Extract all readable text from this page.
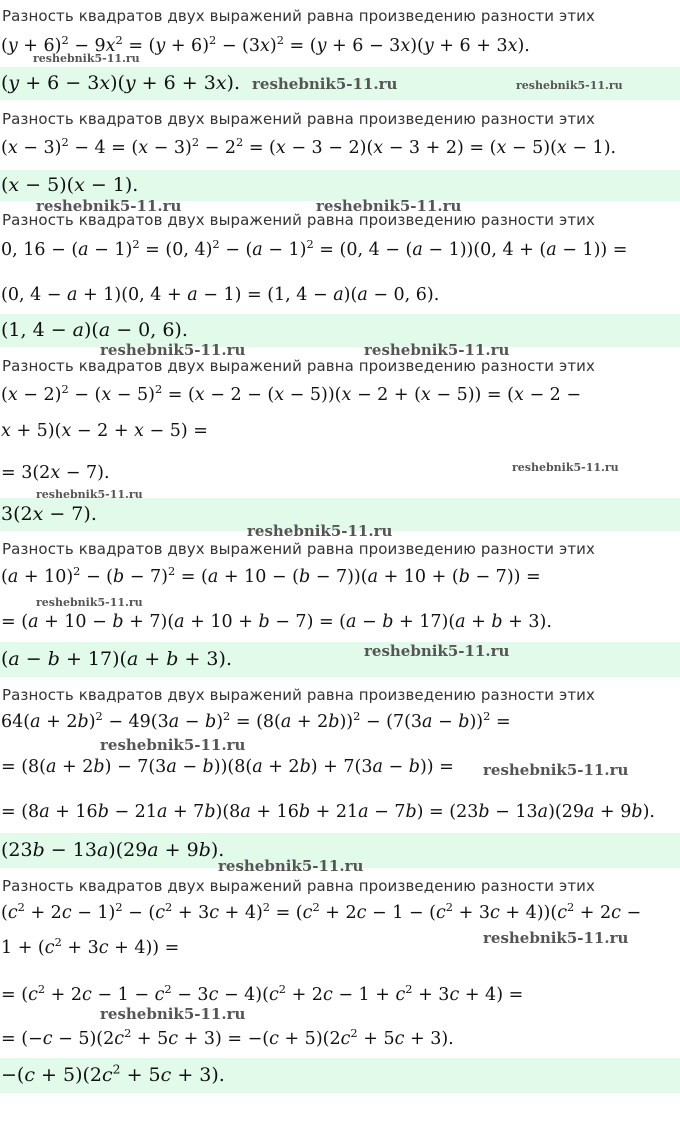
Разность квадратов двух выражений равна произведению разности этих
$(y + 6)^2 - 9x^2 = (y + 6)^2 - (3x)^2 = (y + 6 - 3x)(y + 6 + 3x)$.
(y + 6 − 3x)(y + 6 + 3x).
Разность квадратов двух выражений равна произведению разности этих
$(x - 3)^2 - 4 = (x - 3)^2 - 2^2 = (x - 3 - 2)(x - 3 + 2) = (x - 5)(x - 1)$.
(x − 5)(x − 1).
Разность квадратов двух выражений равна произведению разности этих
0, $16 - (a - 1)^2 = (0$, $4)^2 - (a - 1)^2 = (0$, 4 − (a − 1))(0, 4 + (a − 1)) =
(0, 4 − a + 1)(0, 4 + a − 1) = (1, 4 − a)(a − 0, 6).
(1, 4 − a)(a − 0, 6).
Разность квадратов двух выражений равна произведению разности этих
$(x - 2)^2 - (x - 5)^2 = (x - 2 - (x - 5))(x - 2 + (x - 5)) = (x - 2$ −
x + 5)(x − 2 + x − 5) =
= 3(2x − 7).
3(2x − 7).
Разность квадратов двух выражений равна произведению разности этих
$(a + 10)^2 - (b - 7)^2 = (a + 10 - (b - 7))(a + 10 + (b - 7))$ =
= (a + 10 − b + 7)(a + 10 + b − 7) = (a − b + 17)(a + b + 3).
(a − b + 17)(a + b + 3).
Разность квадратов двух выражений равна произведению разности этих
$64(a + 2b)^2 - 49(3a - b)^2 = (8(a + 2b))^2 - (7(3a - b))^2$ =
= (8(a + 2b) − 7(3a − b))(8(a + 2b) + 7(3a − b)) =
= (8a + 16b − 21a + 7b)(8a + 16b + 21a − 7b) = (23b − 13a)(29a + 9b).
(23b − 13a)(29a + 9b).
Разность квадратов двух выражений равна произведению разности этих
$(c^2 + 2c - 1)^2 - (c^2 + 3c + 4)^2 = (c^2 + 2c - 1 - (c^2 + 3c + 4))(c^2 + 2c$ −
$1 + (c^2 + 3c + 4)$) =
= $(c^2 + 2c - 1 - c^2 - 3c - 4)(c^2 + 2c - 1 + c^2 + 3c + 4)$ =
= $(-c - 5)(2c^2 + 5c + 3) = -(c + 5)(2c^2 + 5c + 3)$.
$-(c + 5)(2c^2 + 5c + 3)$.
reshebnik5-11.ru
reshebnik5-11.ru	reshebnik5-11.ru
reshebnik5-11.ru	reshebnik5-11.ru
reshebnik5-11.ru	reshebnik5-11.ru
reshebnik5-11.ru
reshebnik5-11.ru
reshebnik5-11.ru
reshebnik5-11.ru
reshebnik5-11.ru
reshebnik5-11.ru
reshebnik5-11.ru
reshebnik5-11.ru
reshebnik5-11.ru
reshebnik5-11.ru
